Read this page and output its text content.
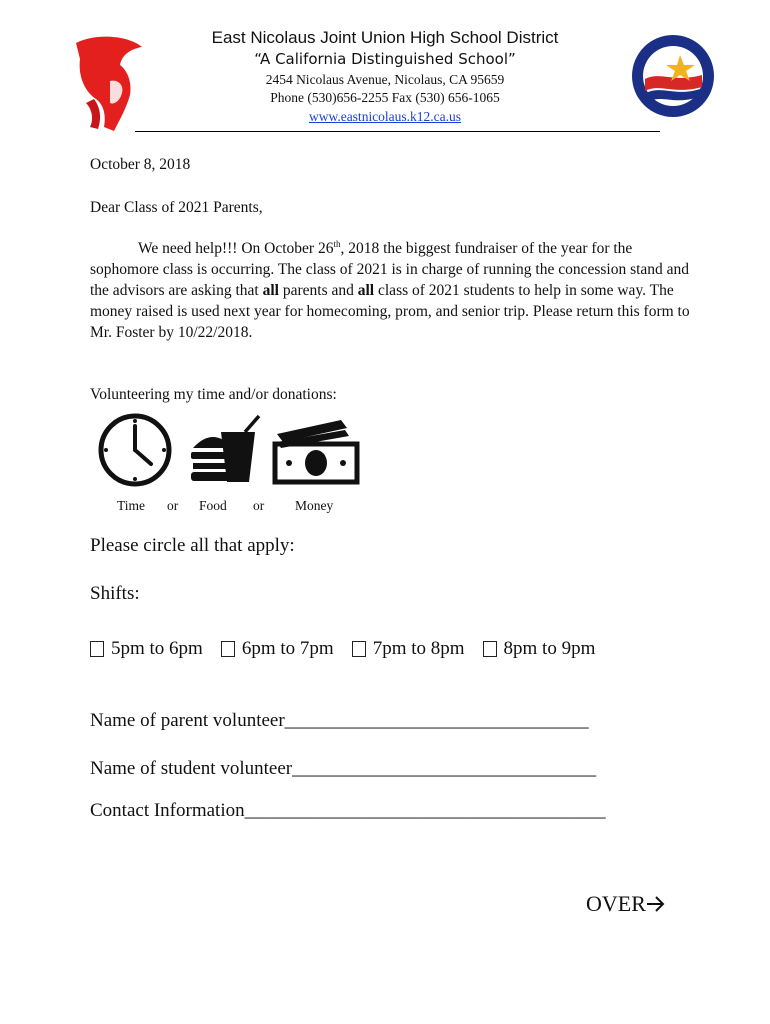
East Nicolaus Joint Union High School District
“A California Distinguished School”
2454 Nicolaus Avenue, Nicolaus, CA 95659
Phone (530)656-2255 Fax (530) 656-1065
www.eastnicolaus.k12.ca.us
October 8, 2018
Dear Class of 2021 Parents,
We need help!!! On October 26th, 2018 the biggest fundraiser of the year for the sophomore class is occurring. The class of 2021 is in charge of running the concession stand and the advisors are asking that all parents and all class of 2021 students to help in some way. The money raised is used next year for homecoming, prom, and senior trip. Please return this form to Mr. Foster by 10/22/2018.
Volunteering my time and/or donations:
Time or Food or Money
Please circle all that apply:
Shifts:
5pm to 6pm 6pm to 7pm 7pm to 8pm 8pm to 9pm
Name of parent volunteer________________________________
Name of student volunteer________________________________
Contact Information______________________________________
OVER
